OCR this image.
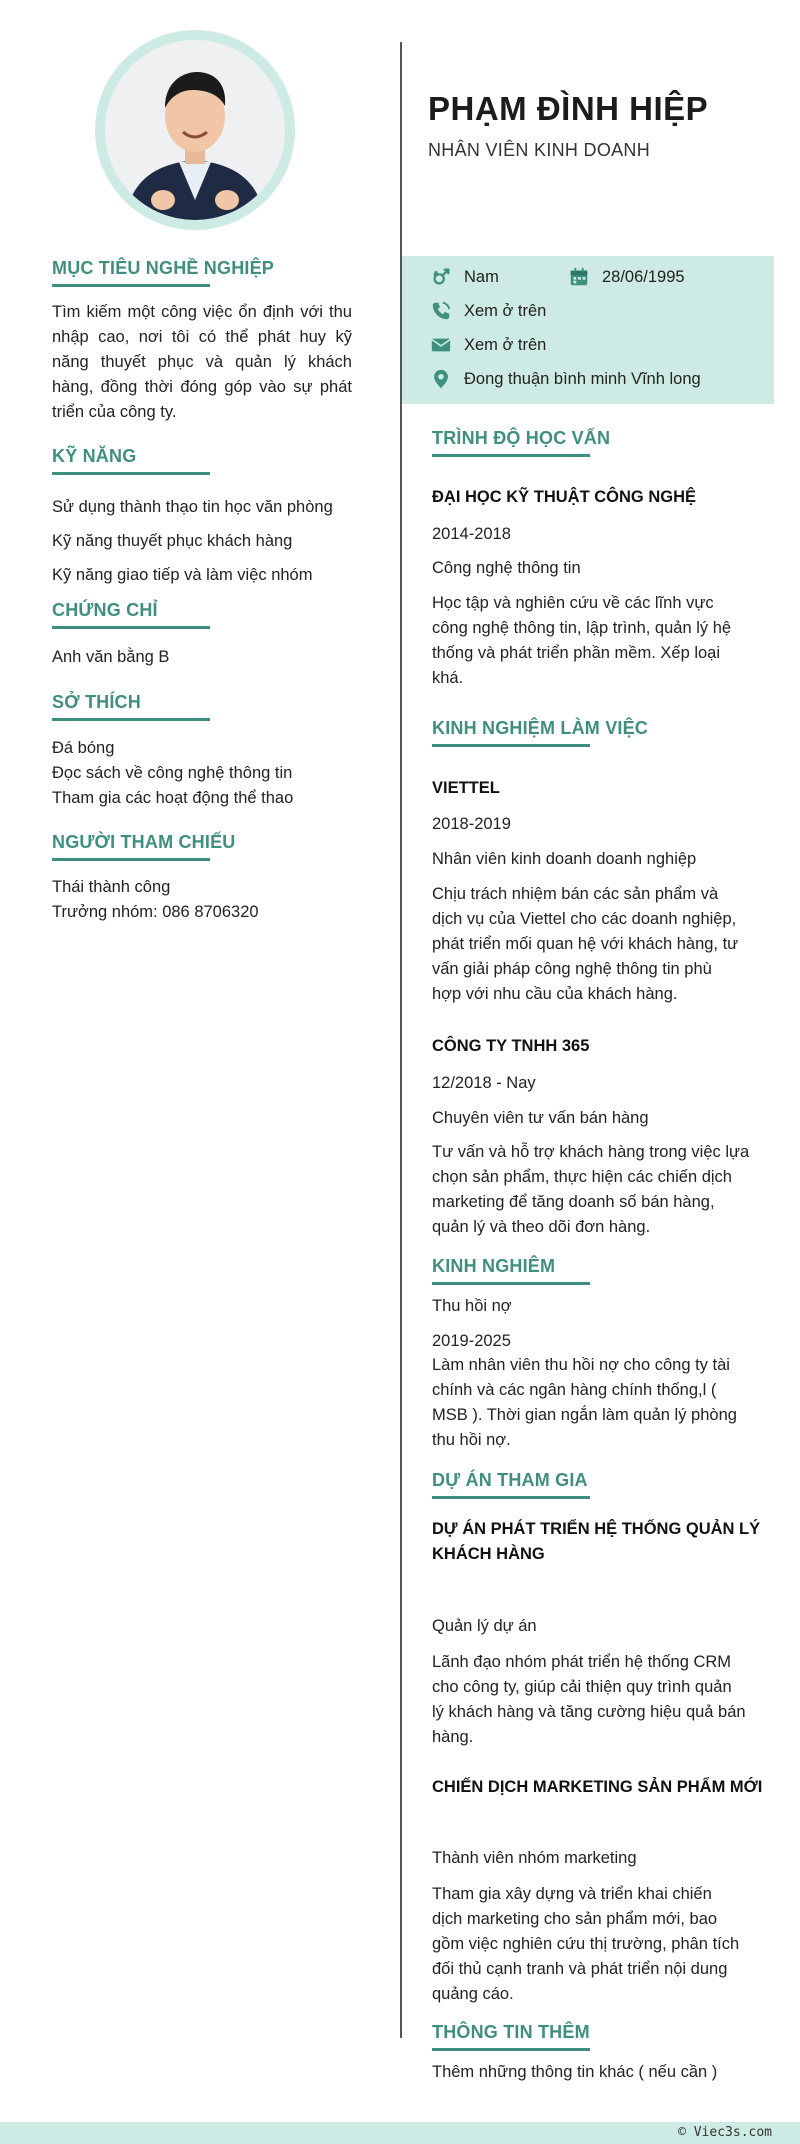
MỤC TIÊU NGHỀ NGHIỆP
Tìm kiếm một công việc ổn định với thu
nhập cao, nơi tôi có thể phát huy kỹ
năng thuyết phục và quản lý khách
hàng, đồng thời đóng góp vào sự phát
triển của công ty.
KỸ NĂNG
Sử dụng thành thạo tin học văn phòng
Kỹ năng thuyết phục khách hàng
Kỹ năng giao tiếp và làm việc nhóm
CHỨNG CHỈ
Anh văn bằng B
SỞ THÍCH
Đá bóng
Đọc sách về công nghệ thông tin
Tham gia các hoạt động thể thao
NGƯỜI THAM CHIẾU
Thái thành công
Trưởng nhóm: 086 8706320
PHẠM ĐÌNH HIỆP
NHÂN VIÊN KINH DOANH
Nam	28/06/1995
Xem ở trên
Xem ở trên
Đong thuận bình minh Vĩnh long
TRÌNH ĐỘ HỌC VẤN
ĐẠI HỌC KỸ THUẬT CÔNG NGHỆ
2014-2018
Công nghệ thông tin
Học tập và nghiên cứu về các lĩnh vực
công nghệ thông tin, lập trình, quản lý hệ
thống và phát triển phần mềm. Xếp loại
khá.
KINH NGHIỆM LÀM VIỆC
VIETTEL
2018-2019
Nhân viên kinh doanh doanh nghiệp
Chịu trách nhiệm bán các sản phẩm và
dịch vụ của Viettel cho các doanh nghiệp,
phát triển mối quan hệ với khách hàng, tư
vấn giải pháp công nghệ thông tin phù
hợp với nhu cầu của khách hàng.
CÔNG TY TNHH 365
12/2018 - Nay
Chuyên viên tư vấn bán hàng
Tư vấn và hỗ trợ khách hàng trong việc lựa
chọn sản phẩm, thực hiện các chiến dịch
marketing để tăng doanh số bán hàng,
quản lý và theo dõi đơn hàng.
KINH NGHIÊM
Thu hồi nợ
2019-2025
Làm nhân viên thu hồi nợ cho công ty tài
chính và các ngân hàng chính thống,l (
MSB ). Thời gian ngắn làm quản lý phòng
thu hồi nợ.
DỰ ÁN THAM GIA
DỰ ÁN PHÁT TRIỂN HỆ THỐNG QUẢN LÝ
KHÁCH HÀNG
Quản lý dự án
Lãnh đạo nhóm phát triển hệ thống CRM
cho công ty, giúp cải thiện quy trình quản
lý khách hàng và tăng cường hiệu quả bán
hàng.
CHIẾN DỊCH MARKETING SẢN PHẨM MỚI
Thành viên nhóm marketing
Tham gia xây dựng và triển khai chiến
dịch marketing cho sản phẩm mới, bao
gồm việc nghiên cứu thị trường, phân tích
đối thủ cạnh tranh và phát triển nội dung
quảng cáo.
THÔNG TIN THÊM
Thêm những thông tin khác ( nếu cần )
© Viec3s.com
